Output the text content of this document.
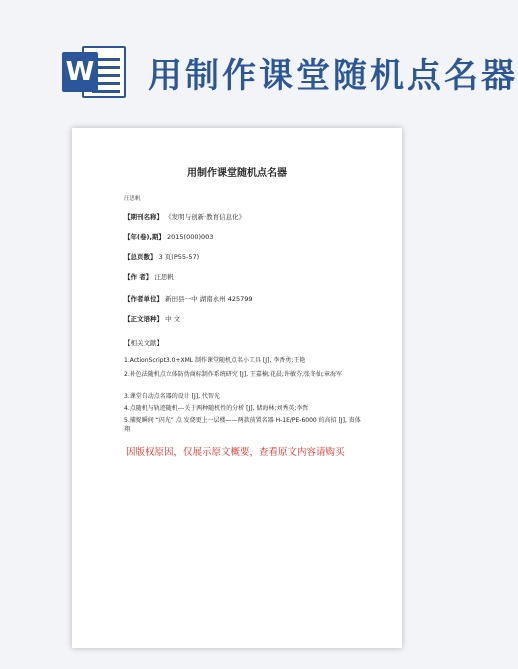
W 用制作课堂随机点名器
用制作课堂随机点名器
汪思帆
【期刊名称】 《发明与创新·教育信息化》
【年(卷),期】 2015(000)003
【总页数】 3 页(P55-57)
【作 者】 汪思帆
【作者单位】 新田县一中 湖南永州 425799
【正文语种】 中 文
【相关文献】
1.ActionScript3.0+XML 制作课堂随机点名小工具 [J], 李香勇;王艳
2.补色法随机点立体防伪商标制作系统研究 [J], 王嘉楠;花晨;许敏芬;张冬仙;章海军
3.课堂自动点名器的设计 [J], 代智光
4.点随机与轨迹随机---关于两种随机性的分析 [J], 储海林;刘秀英;李哲
5.捕捉瞬间 “闪光” 点 发烧更上一层楼——两款前置名器 H-1E/PE-6000 的高招 [J], 贵体翔
因版权原因，仅展示原文概要，查看原文内容请购买
